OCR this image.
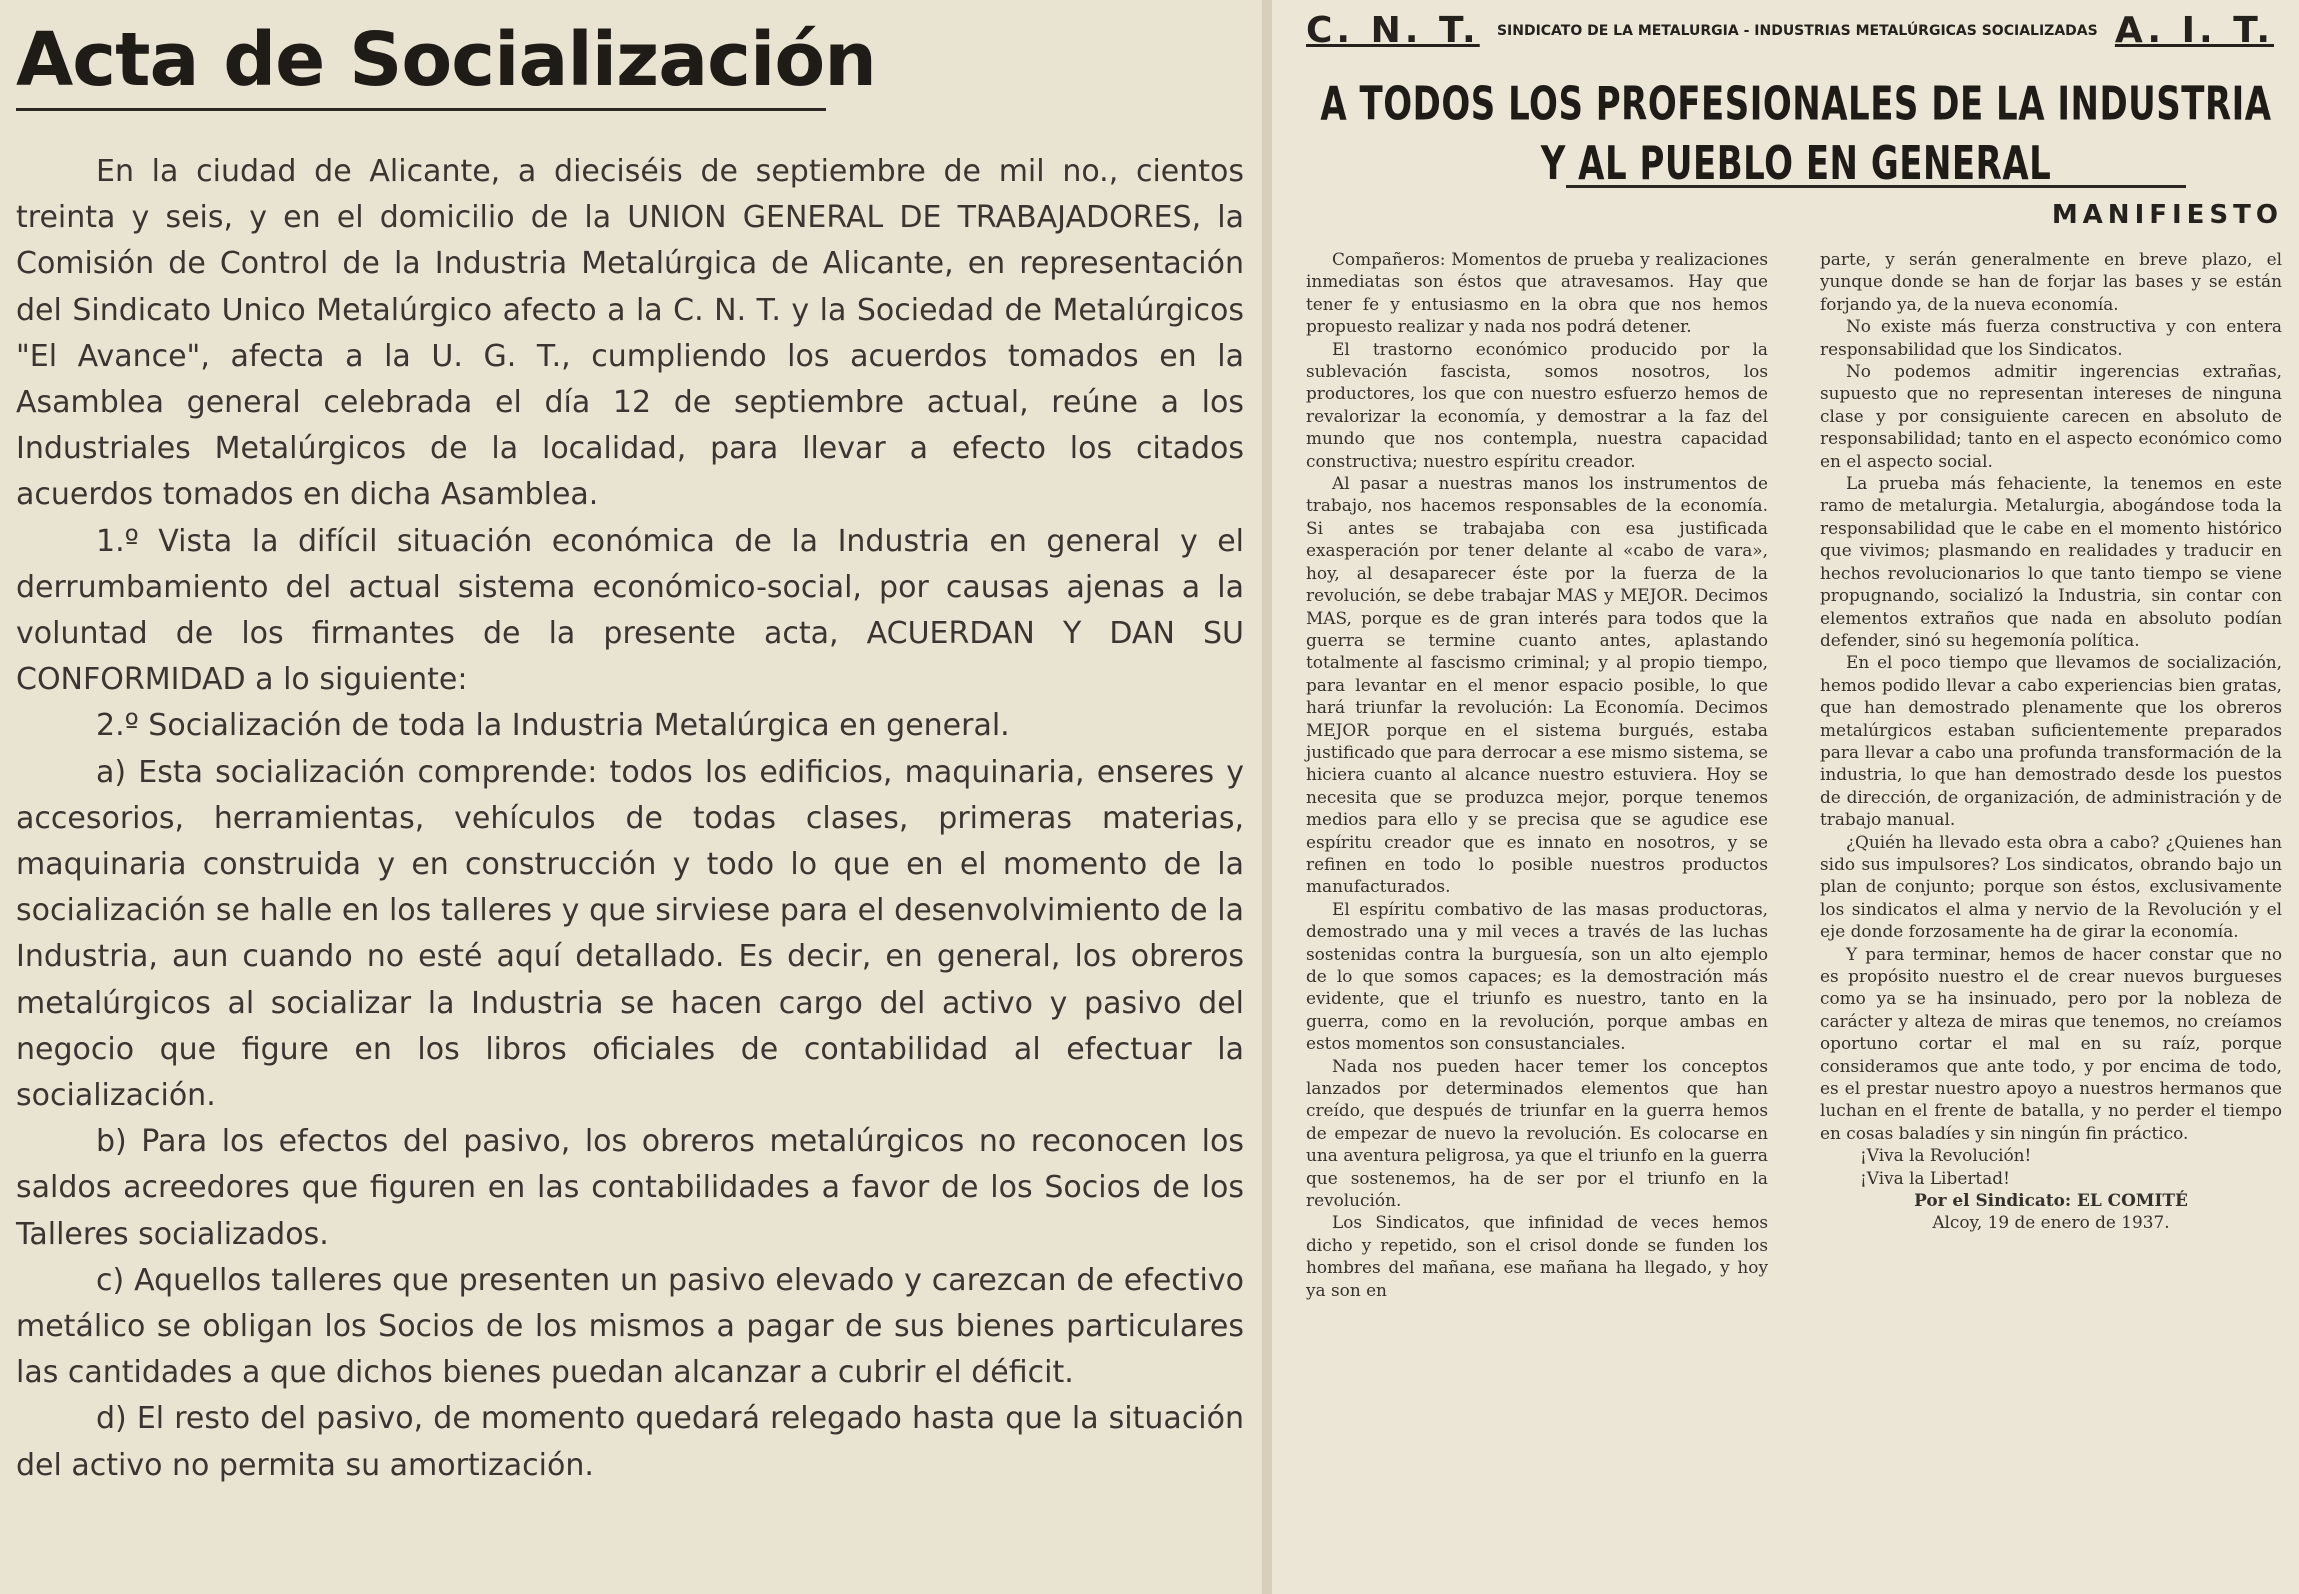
Acta de Socialización

En la ciudad de Alicante, a dieciséis de septiembre de mil no., cientos treinta y seis, y en el domicilio de la UNION GENERAL DE TRABAJADORES, la Comisión de Control de la Industria Metalúrgica de Alicante, en representación del Sindicato Unico Metalúrgico afecto a la C. N. T. y la Sociedad de Metalúrgicos "El Avance", afecta a la U. G. T., cumpliendo los acuerdos tomados en la Asamblea general celebrada el día 12 de septiembre actual, reúne a los Industriales Metalúrgicos de la localidad, para llevar a efecto los citados acuerdos tomados en dicha Asamblea.

1.º Vista la difícil situación económica de la Industria en general y el derrumbamiento del actual sistema económico-social, por causas ajenas a la voluntad de los firmantes de la presente acta, ACUERDAN Y DAN SU CONFORMIDAD a lo siguiente:

2.º Socialización de toda la Industria Metalúrgica en general.

a) Esta socialización comprende: todos los edificios, maquinaria, enseres y accesorios, herramientas, vehículos de todas clases, primeras materias, maquinaria construida y en construcción y todo lo que en el momento de la socialización se halle en los talleres y que sirviese para el desenvolvimiento de la Industria, aun cuando no esté aquí detallado. Es decir, en general, los obreros metalúrgicos al socializar la Industria se hacen cargo del activo y pasivo del negocio que figure en los libros oficiales de contabilidad al efectuar la socialización.

b) Para los efectos del pasivo, los obreros metalúrgicos no reconocen los saldos acreedores que figuren en las contabilidades a favor de los Socios de los Talleres socializados.

c) Aquellos talleres que presenten un pasivo elevado y carezcan de efectivo metálico se obligan los Socios de los mismos a pagar de sus bienes particulares las cantidades a que dichos bienes puedan alcanzar a cubrir el déficit.

d) El resto del pasivo, de momento quedará relegado hasta que la situación del activo no permita su amortización.

C. N. T. SINDICATO DE LA METALURGIA - INDUSTRIAS METALÚRGICAS SOCIALIZADAS A. I. T.
A TODOS LOS PROFESIONALES DE LA INDUSTRIA Y AL PUEBLO EN GENERAL
MANIFIESTO

Compañeros: Momentos de prueba y realizaciones inmediatas son éstos que atravesamos. Hay que tener fe y entusiasmo en la obra que nos hemos propuesto realizar y nada nos podrá detener.

El trastorno económico producido por la sublevación fascista, somos nosotros, los productores, los que con nuestro esfuerzo hemos de revalorizar la economía, y demostrar a la faz del mundo que nos contempla, nuestra capacidad constructiva; nuestro espíritu creador.

Al pasar a nuestras manos los instrumentos de trabajo, nos hacemos responsables de la economía. Si antes se trabajaba con esa justificada exasperación por tener delante al «cabo de vara», hoy, al desaparecer éste por la fuerza de la revolución, se debe trabajar MAS y MEJOR. Decimos MAS, porque es de gran interés para todos que la guerra se termine cuanto antes, aplastando totalmente al fascismo criminal; y al propio tiempo, para levantar en el menor espacio posible, lo que hará triunfar la revolución: La Economía. Decimos MEJOR porque en el sistema burgués, estaba justificado que para derrocar a ese mismo sistema, se hiciera cuanto al alcance nuestro estuviera. Hoy se necesita que se produzca mejor, porque tenemos medios para ello y se precisa que se agudice ese espíritu creador que es innato en nosotros, y se refinen en todo lo posible nuestros productos manufacturados.

El espíritu combativo de las masas productoras, demostrado una y mil veces a través de las luchas sostenidas contra la burguesía, son un alto ejemplo de lo que somos capaces; es la demostración más evidente, que el triunfo es nuestro, tanto en la guerra, como en la revolución, porque ambas en estos momentos son consustanciales.

Nada nos pueden hacer temer los conceptos lanzados por determinados elementos que han creído, que después de triunfar en la guerra hemos de empezar de nuevo la revolución. Es colocarse en una aventura peligrosa, ya que el triunfo en la guerra que sostenemos, ha de ser por el triunfo en la revolución.

Los Sindicatos, que infinidad de veces hemos dicho y repetido, son el crisol donde se funden los hombres del mañana, ese mañana ha llegado, y hoy ya son en

parte, y serán generalmente en breve plazo, el yunque donde se han de forjar las bases y se están forjando ya, de la nueva economía.

No existe más fuerza constructiva y con entera responsabilidad que los Sindicatos.

No podemos admitir ingerencias extrañas, supuesto que no representan intereses de ninguna clase y por consiguiente carecen en absoluto de responsabilidad; tanto en el aspecto económico como en el aspecto social.

La prueba más fehaciente, la tenemos en este ramo de metalurgia. Metalurgia, abogándose toda la responsabilidad que le cabe en el momento histórico que vivimos; plasmando en realidades y traducir en hechos revolucionarios lo que tanto tiempo se viene propugnando, socializó la Industria, sin contar con elementos extraños que nada en absoluto podían defender, sinó su hegemonía política.

En el poco tiempo que llevamos de socialización, hemos podido llevar a cabo experiencias bien gratas, que han demostrado plenamente que los obreros metalúrgicos estaban suficientemente preparados para llevar a cabo una profunda transformación de la industria, lo que han demostrado desde los puestos de dirección, de organización, de administración y de trabajo manual.

¿Quién ha llevado esta obra a cabo? ¿Quienes han sido sus impulsores? Los sindicatos, obrando bajo un plan de conjunto; porque son éstos, exclusivamente los sindicatos el alma y nervio de la Revolución y el eje donde forzosamente ha de girar la economía.

Y para terminar, hemos de hacer constar que no es propósito nuestro el de crear nuevos burgueses como ya se ha insinuado, pero por la nobleza de carácter y alteza de miras que tenemos, no creíamos oportuno cortar el mal en su raíz, porque consideramos que ante todo, y por encima de todo, es el prestar nuestro apoyo a nuestros hermanos que luchan en el frente de batalla, y no perder el tiempo en cosas baladíes y sin ningún fin práctico.

¡Viva la Revolución!

¡Viva la Libertad!

Por el Sindicato: EL COMITÉ

Alcoy, 19 de enero de 1937.
